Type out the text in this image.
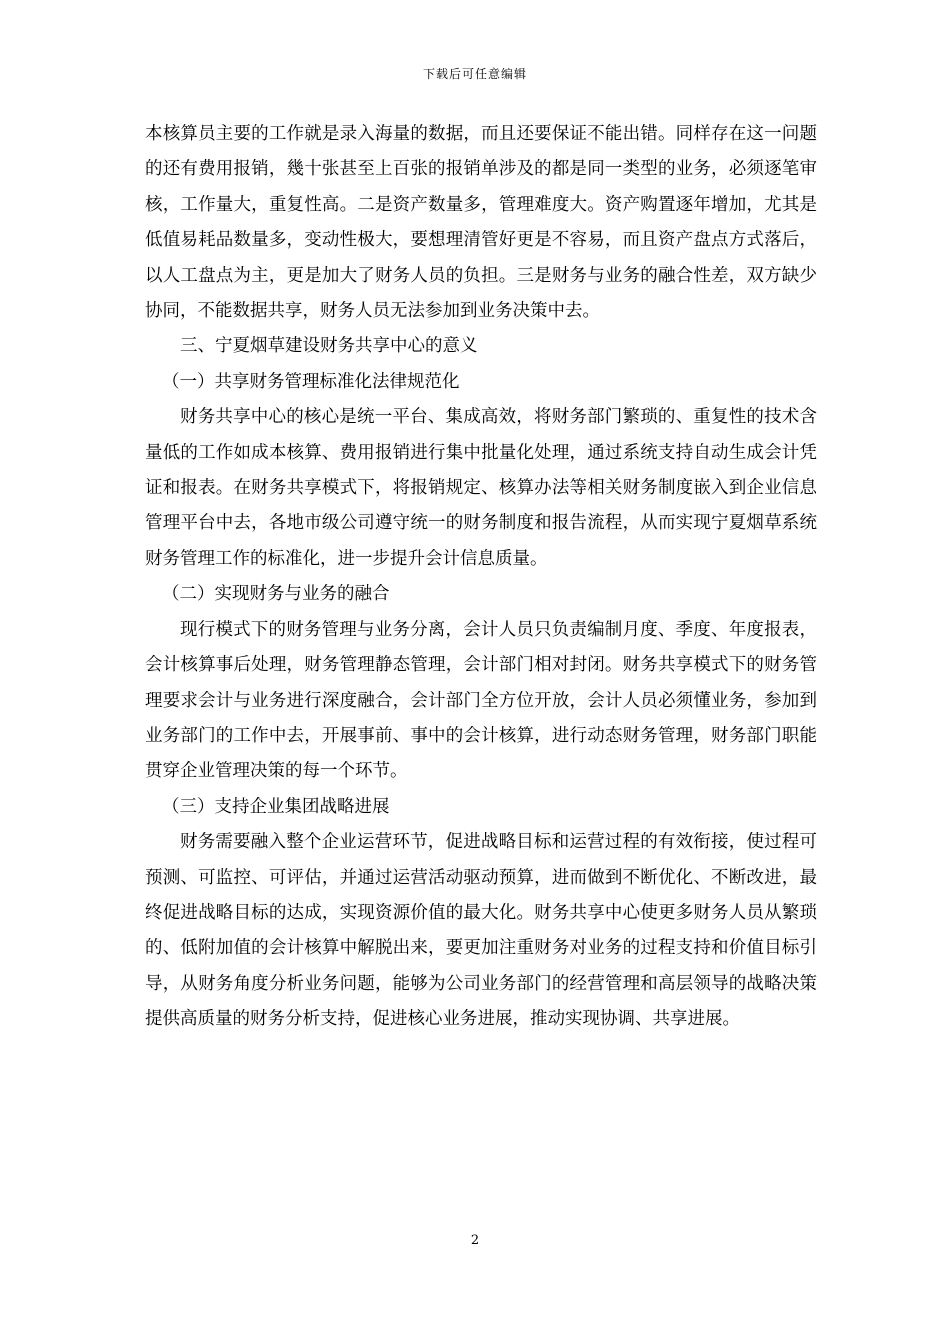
下载后可任意编辑

本核算员主要的工作就是录入海量的数据，而且还要保证不能出错。同样存在这一问题的还有费用报销，幾十张甚至上百张的报销单涉及的都是同一类型的业务，必须逐笔审核，工作量大，重复性高。二是资产数量多，管理难度大。资产购置逐年增加，尤其是低值易耗品数量多，变动性极大，要想理清管好更是不容易，而且资产盘点方式落后，以人工盘点为主，更是加大了财务人员的负担。三是财务与业务的融合性差，双方缺少协同，不能数据共享，财务人员无法参加到业务决策中去。

三、宁夏烟草建设财务共享中心的意义

（一）共享财务管理标准化法律规范化

财务共享中心的核心是统一平台、集成高效，将财务部门繁琐的、重复性的技术含量低的工作如成本核算、费用报销进行集中批量化处理，通过系统支持自动生成会计凭证和报表。在财务共享模式下，将报销规定、核算办法等相关财务制度嵌入到企业信息管理平台中去，各地市级公司遵守统一的财务制度和报告流程，从而实现宁夏烟草系统财务管理工作的标准化，进一步提升会计信息质量。

（二）实现财务与业务的融合

现行模式下的财务管理与业务分离，会计人员只负责编制月度、季度、年度报表，会计核算事后处理，财务管理静态管理，会计部门相对封闭。财务共享模式下的财务管理要求会计与业务进行深度融合，会计部门全方位开放，会计人员必须懂业务，参加到业务部门的工作中去，开展事前、事中的会计核算，进行动态财务管理，财务部门职能贯穿企业管理决策的每一个环节。

（三）支持企业集团战略进展

财务需要融入整个企业运营环节，促进战略目标和运营过程的有效衔接，使过程可预测、可监控、可评估，并通过运营活动驱动预算，进而做到不断优化、不断改进，最终促进战略目标的达成，实现资源价值的最大化。财务共享中心使更多财务人员从繁琐的、低附加值的会计核算中解脱出来，要更加注重财务对业务的过程支持和价值目标引导，从财务角度分析业务问题，能够为公司业务部门的经营管理和高层领导的战略决策提供高质量的财务分析支持，促进核心业务进展，推动实现协调、共享进展。

2
